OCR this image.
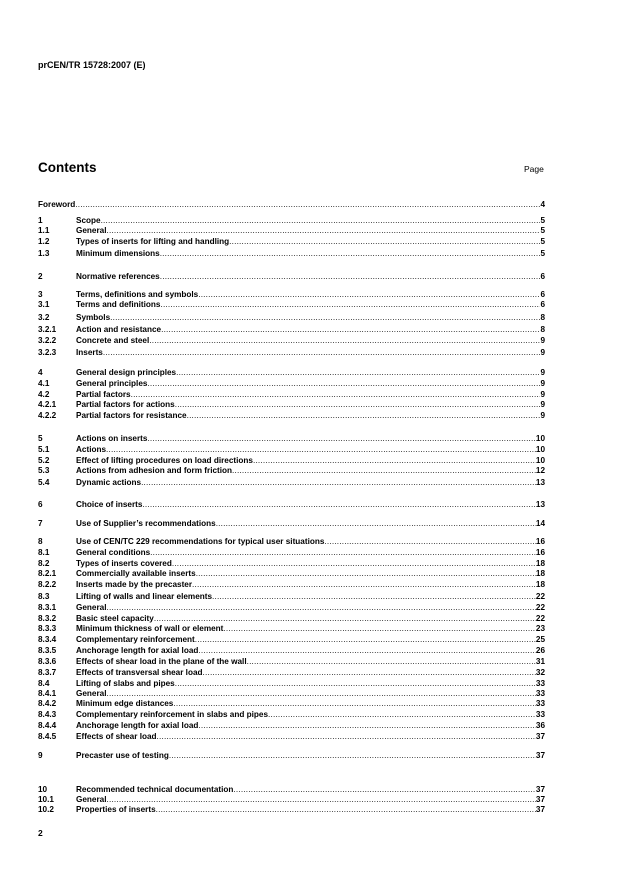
prCEN/TR 15728:2007 (E)
Contents	Page
Foreword .....	4
1	Scope .....	5
1.1	General .....	5
1.2	Types of inserts for lifting and handling .....	5
1.3	Minimum dimensions .....	5
2	Normative references .....	6
3	Terms, definitions and symbols .....	6
3.1	Terms and definitions .....	6
3.2	Symbols .....	8
3.2.1 Action and resistance .....	8
3.2.2 Concrete and steel .....	9
3.2.3 Inserts .....	9
4	General design principles .....	9
4.1	General principles .....	9
4.2	Partial factors .....	9
4.2.1 Partial factors for actions .....	9
4.2.2 Partial factors for resistance .....	9
5	Actions on inserts .....	10
5.1	Actions .....	10
5.2	Effect of lifting procedures on load directions .....	10
5.3	Actions from adhesion and form friction .....	12
5.4	Dynamic actions .....	13
6	Choice of inserts .....	13
7	Use of Supplier’s recommendations .....	14
8	Use of CEN/TC 229 recommendations for typical user situations .....	16
8.1	General conditions .....	16
8.2	Types of inserts covered .....	18
8.2.1 Commercially available inserts .....	18
8.2.2 Inserts made by the precaster .....	18
8.3	Lifting of walls and linear elements .....	22
8.3.1 General .....	22
8.3.2 Basic steel capacity .....	22
8.3.3 Minimum thickness of wall or element .....	23
8.3.4 Complementary reinforcement .....	25
8.3.5 Anchorage length for axial load .....	26
8.3.6 Effects of shear load in the plane of the wall .....	31
8.3.7 Effects of transversal shear load .....	32
8.4	Lifting of slabs and pipes .....	33
8.4.1 General .....	33
8.4.2 Minimum edge distances .....	33
8.4.3 Complementary reinforcement in slabs and pipes .....	33
8.4.4 Anchorage length for axial load .....	36
8.4.5 Effects of shear load .....	37
9	Precaster use of testing .....	37
10	Recommended technical documentation .....	37
10.1	General .....	37
10.2	Properties of inserts .....	37
2
